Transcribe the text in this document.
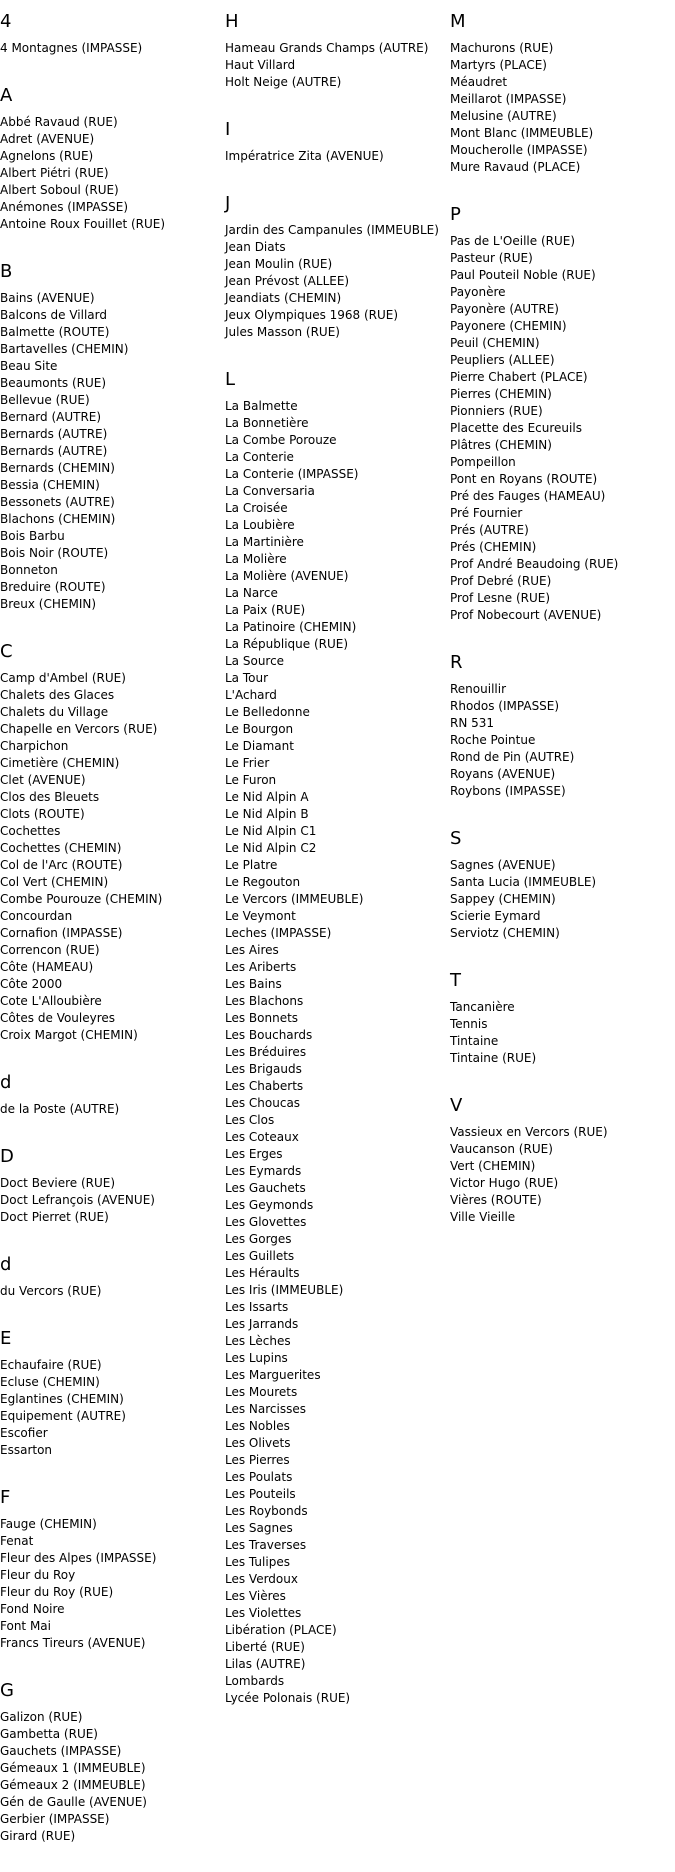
4
4 Montagnes (IMPASSE)
A
Abbé Ravaud (RUE)
Adret (AVENUE)
Agnelons (RUE)
Albert Piétri (RUE)
Albert Soboul (RUE)
Anémones (IMPASSE)
Antoine Roux Fouillet (RUE)
B
Bains (AVENUE)
Balcons de Villard
Balmette (ROUTE)
Bartavelles (CHEMIN)
Beau Site
Beaumonts (RUE)
Bellevue (RUE)
Bernard (AUTRE)
Bernards (AUTRE)
Bernards (AUTRE)
Bernards (CHEMIN)
Bessia (CHEMIN)
Bessonets (AUTRE)
Blachons (CHEMIN)
Bois Barbu
Bois Noir (ROUTE)
Bonneton
Breduire (ROUTE)
Breux (CHEMIN)
C
Camp d'Ambel (RUE)
Chalets des Glaces
Chalets du Village
Chapelle en Vercors (RUE)
Charpichon
Cimetière (CHEMIN)
Clet (AVENUE)
Clos des Bleuets
Clots (ROUTE)
Cochettes
Cochettes (CHEMIN)
Col de l'Arc (ROUTE)
Col Vert (CHEMIN)
Combe Pourouze (CHEMIN)
Concourdan
Cornafion (IMPASSE)
Correncon (RUE)
Côte (HAMEAU)
Côte 2000
Cote L'Alloubière
Côtes de Vouleyres
Croix Margot (CHEMIN)
d
de la Poste (AUTRE)
D
Doct Beviere (RUE)
Doct Lefrançois (AVENUE)
Doct Pierret (RUE)
d
du Vercors (RUE)
E
Echaufaire (RUE)
Ecluse (CHEMIN)
Eglantines (CHEMIN)
Equipement (AUTRE)
Escofier
Essarton
F
Fauge (CHEMIN)
Fenat
Fleur des Alpes (IMPASSE)
Fleur du Roy
Fleur du Roy (RUE)
Fond Noire
Font Mai
Francs Tireurs (AVENUE)
G
Galizon (RUE)
Gambetta (RUE)
Gauchets (IMPASSE)
Gémeaux 1 (IMMEUBLE)
Gémeaux 2 (IMMEUBLE)
Gén de Gaulle (AVENUE)
Gerbier (IMPASSE)
Girard (RUE)
H
Hameau Grands Champs (AUTRE)
Haut Villard
Holt Neige (AUTRE)
I
Impératrice Zita (AVENUE)
J
Jardin des Campanules (IMMEUBLE)
Jean Diats
Jean Moulin (RUE)
Jean Prévost (ALLEE)
Jeandiats (CHEMIN)
Jeux Olympiques 1968 (RUE)
Jules Masson (RUE)
L
La Balmette
La Bonnetière
La Combe Porouze
La Conterie
La Conterie (IMPASSE)
La Conversaria
La Croisée
La Loubière
La Martinière
La Molière
La Molière (AVENUE)
La Narce
La Paix (RUE)
La Patinoire (CHEMIN)
La République (RUE)
La Source
La Tour
L'Achard
Le Belledonne
Le Bourgon
Le Diamant
Le Frier
Le Furon
Le Nid Alpin A
Le Nid Alpin B
Le Nid Alpin C1
Le Nid Alpin C2
Le Platre
Le Regouton
Le Vercors (IMMEUBLE)
Le Veymont
Leches (IMPASSE)
Les Aires
Les Ariberts
Les Bains
Les Blachons
Les Bonnets
Les Bouchards
Les Bréduires
Les Brigauds
Les Chaberts
Les Choucas
Les Clos
Les Coteaux
Les Erges
Les Eymards
Les Gauchets
Les Geymonds
Les Glovettes
Les Gorges
Les Guillets
Les Héraults
Les Iris (IMMEUBLE)
Les Issarts
Les Jarrands
Les Lèches
Les Lupins
Les Marguerites
Les Mourets
Les Narcisses
Les Nobles
Les Olivets
Les Pierres
Les Poulats
Les Pouteils
Les Roybonds
Les Sagnes
Les Traverses
Les Tulipes
Les Verdoux
Les Vières
Les Violettes
Libération (PLACE)
Liberté (RUE)
Lilas (AUTRE)
Lombards
Lycée Polonais (RUE)
M
Machurons (RUE)
Martyrs (PLACE)
Méaudret
Meillarot (IMPASSE)
Melusine (AUTRE)
Mont Blanc (IMMEUBLE)
Moucherolle (IMPASSE)
Mure Ravaud (PLACE)
P
Pas de L'Oeille (RUE)
Pasteur (RUE)
Paul Pouteil Noble (RUE)
Payonère
Payonère (AUTRE)
Payonere (CHEMIN)
Peuil (CHEMIN)
Peupliers (ALLEE)
Pierre Chabert (PLACE)
Pierres (CHEMIN)
Pionniers (RUE)
Placette des Ecureuils
Plâtres (CHEMIN)
Pompeillon
Pont en Royans (ROUTE)
Pré des Fauges (HAMEAU)
Pré Fournier
Prés (AUTRE)
Prés (CHEMIN)
Prof André Beaudoing (RUE)
Prof Debré (RUE)
Prof Lesne (RUE)
Prof Nobecourt (AVENUE)
R
Renouillir
Rhodos (IMPASSE)
RN 531
Roche Pointue
Rond de Pin (AUTRE)
Royans (AVENUE)
Roybons (IMPASSE)
S
Sagnes (AVENUE)
Santa Lucia (IMMEUBLE)
Sappey (CHEMIN)
Scierie Eymard
Serviotz (CHEMIN)
T
Tancanière
Tennis
Tintaine
Tintaine (RUE)
V
Vassieux en Vercors (RUE)
Vaucanson (RUE)
Vert (CHEMIN)
Victor Hugo (RUE)
Vières (ROUTE)
Ville Vieille
